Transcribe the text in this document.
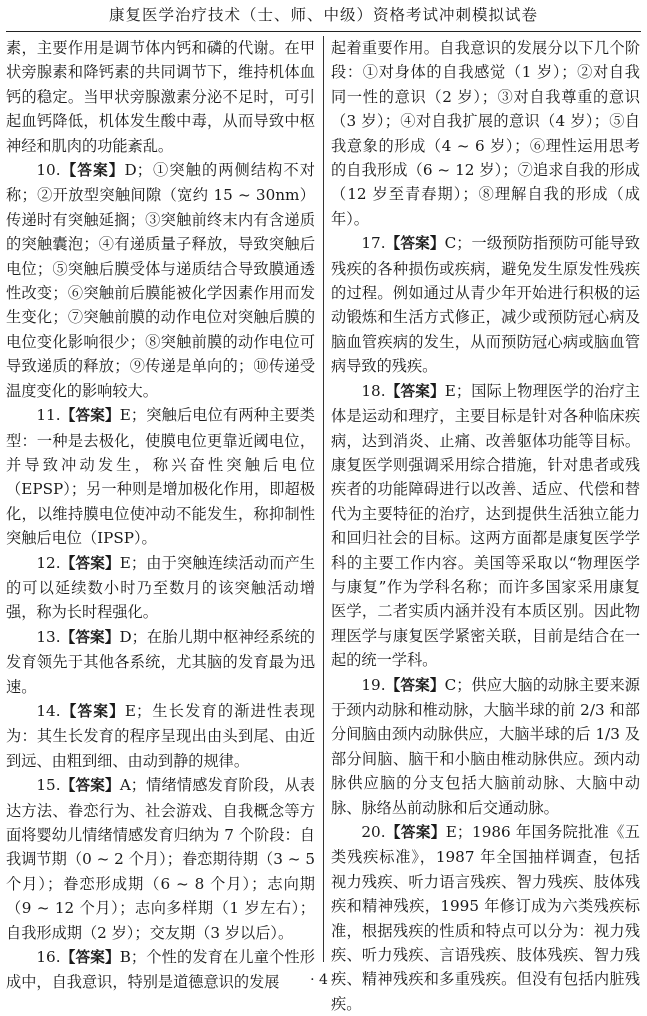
康复医学治疗技术（士、师、中级）资格考试冲刺模拟试卷

素，主要作用是调节体内钙和磷的代谢。在甲状旁腺素和降钙素的共同调节下，维持机体血钙的稳定。当甲状旁腺激素分泌不足时，可引起血钙降低，机体发生酸中毒，从而导致中枢神经和肌肉的功能紊乱。

10.【答案】D；①突触的两侧结构不对称；②开放型突触间隙（宽约 15 ~ 30nm）传递时有突触延搁；③突触前终末内有含递质的突触囊泡；④有递质量子释放，导致突触后电位；⑤突触后膜受体与递质结合导致膜通透性改变；⑥突触前后膜能被化学因素作用而发生变化；⑦突触前膜的动作电位对突触后膜的电位变化影响很少；⑧突触前膜的动作电位可导致递质的释放；⑨传递是单向的；⑩传递受温度变化的影响较大。

11.【答案】E；突触后电位有两种主要类型：一种是去极化，使膜电位更靠近阈电位，并导致冲动发生，称兴奋性突触后电位（EPSP）；另一种则是增加极化作用，即超极化，以维持膜电位使冲动不能发生，称抑制性突触后电位（IPSP）。

12.【答案】E；由于突触连续活动而产生的可以延续数小时乃至数月的该突触活动增强，称为长时程强化。

13.【答案】D；在胎儿期中枢神经系统的发育领先于其他各系统，尤其脑的发育最为迅速。

14.【答案】E；生长发育的渐进性表现为：其生长发育的程序呈现出由头到尾、由近到远、由粗到细、由动到静的规律。

15.【答案】A；情绪情感发育阶段，从表达方法、眷恋行为、社会游戏、自我概念等方面将婴幼儿情绪情感发育归纳为 7 个阶段：自我调节期（0 ~ 2 个月）；眷恋期待期（3 ~ 5 个月）；眷恋形成期（6 ~ 8 个月）；志向期（9 ~ 12 个月）；志向多样期（1 岁左右）；自我形成期（2 岁）；交友期（3 岁以后）。

16.【答案】B；个性的发育在儿童个性形成中，自我意识，特别是道德意识的发展

起着重要作用。自我意识的发展分以下几个阶段：①对身体的自我感觉（1 岁）；②对自我同一性的意识（2 岁）；③对自我尊重的意识（3 岁）；④对自我扩展的意识（4 岁）；⑤自我意象的形成（4 ~ 6 岁）；⑥理性运用思考的自我形成（6 ~ 12 岁）；⑦追求自我的形成（12 岁至青春期）；⑧理解自我的形成（成年）。

17.【答案】C；一级预防指预防可能导致残疾的各种损伤或疾病，避免发生原发性残疾的过程。例如通过从青少年开始进行积极的运动锻炼和生活方式修正，减少或预防冠心病及脑血管疾病的发生，从而预防冠心病或脑血管病导致的残疾。

18.【答案】E；国际上物理医学的治疗主体是运动和理疗，主要目标是针对各种临床疾病，达到消炎、止痛、改善躯体功能等目标。康复医学则强调采用综合措施，针对患者或残疾者的功能障碍进行以改善、适应、代偿和替代为主要特征的治疗，达到提供生活独立能力和回归社会的目标。这两方面都是康复医学学科的主要工作内容。美国等采取以“物理医学与康复”作为学科名称；而许多国家采用康复医学，二者实质内涵并没有本质区别。因此物理医学与康复医学紧密关联，目前是结合在一起的统一学科。

19.【答案】C；供应大脑的动脉主要来源于颈内动脉和椎动脉，大脑半球的前 2/3 和部分间脑由颈内动脉供应，大脑半球的后 1/3 及部分间脑、脑干和小脑由椎动脉供应。颈内动脉供应脑的分支包括大脑前动脉、大脑中动脉、脉络丛前动脉和后交通动脉。

20.【答案】E；1986 年国务院批准《五类残疾标准》，1987 年全国抽样调查，包括视力残疾、听力语言残疾、智力残疾、肢体残疾和精神残疾，1995 年修订成为六类残疾标准，根据残疾的性质和特点可以分为：视力残疾、听力残疾、言语残疾、肢体残疾、智力残疾、精神残疾和多重残疾。但没有包括内脏残疾。

· 4 ·
